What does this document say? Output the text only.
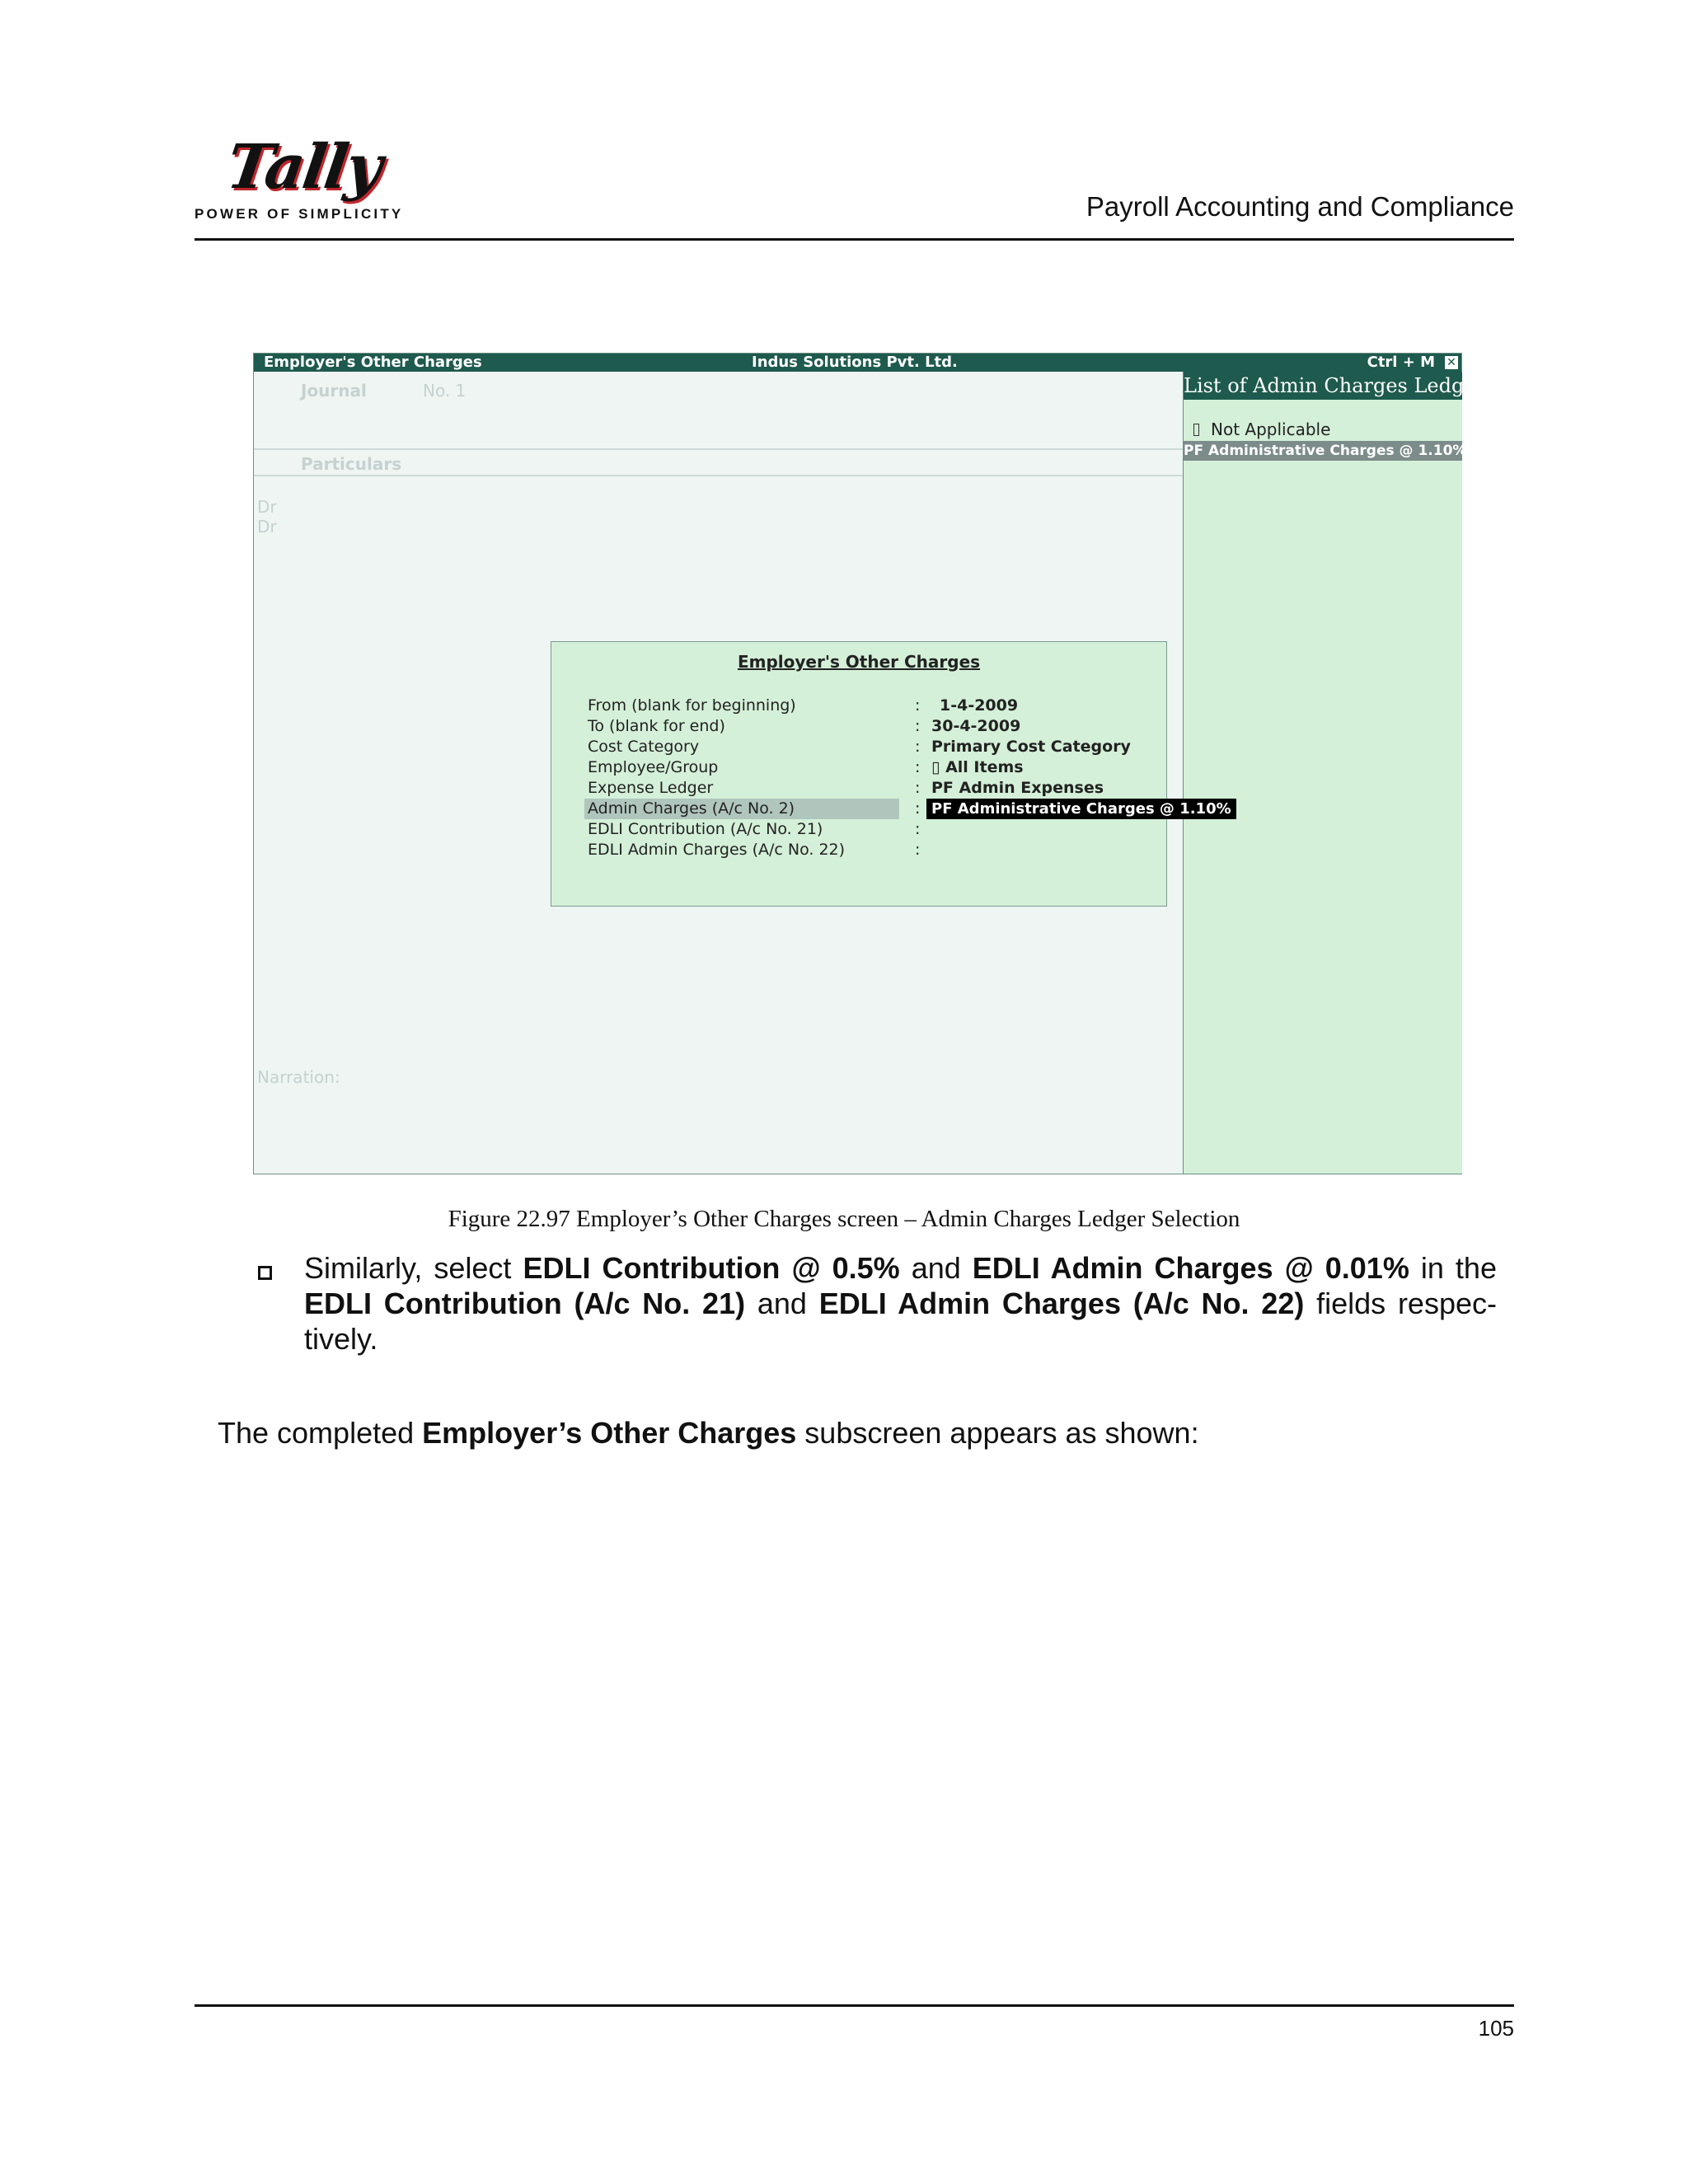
Tally
POWER OF SIMPLICITY	Payroll Accounting and Compliance
Employer's Other Charges	Indus Solutions Pvt. Ltd.	Ctrl + M ✕
Journal	No. 1
Particulars
Dr
Dr
Narration:
List of Admin Charges Ledgers
Not Applicable
PF Administrative Charges @ 1.10%
Employer's Other Charges
From (blank for beginning)	: 1-4-2009
To (blank for end)	: 30-4-2009
Cost Category	: Primary Cost Category
Employee/Group	: ▯ All Items
Expense Ledger	: PF Admin Expenses
Admin Charges (A/c No. 2)	: PF Administrative Charges @ 1.10%
EDLI Contribution (A/c No. 21)	:
EDLI Admin Charges (A/c No. 22)	:
Figure 22.97 Employer’s Other Charges screen – Admin Charges Ledger Selection
Similarly, select EDLI Contribution @ 0.5% and EDLI Admin Charges @ 0.01% in the EDLI Contribution (A/c No. 21) and EDLI Admin Charges (A/c No. 22) fields respec-tively.
The completed Employer’s Other Charges subscreen appears as shown:
105
